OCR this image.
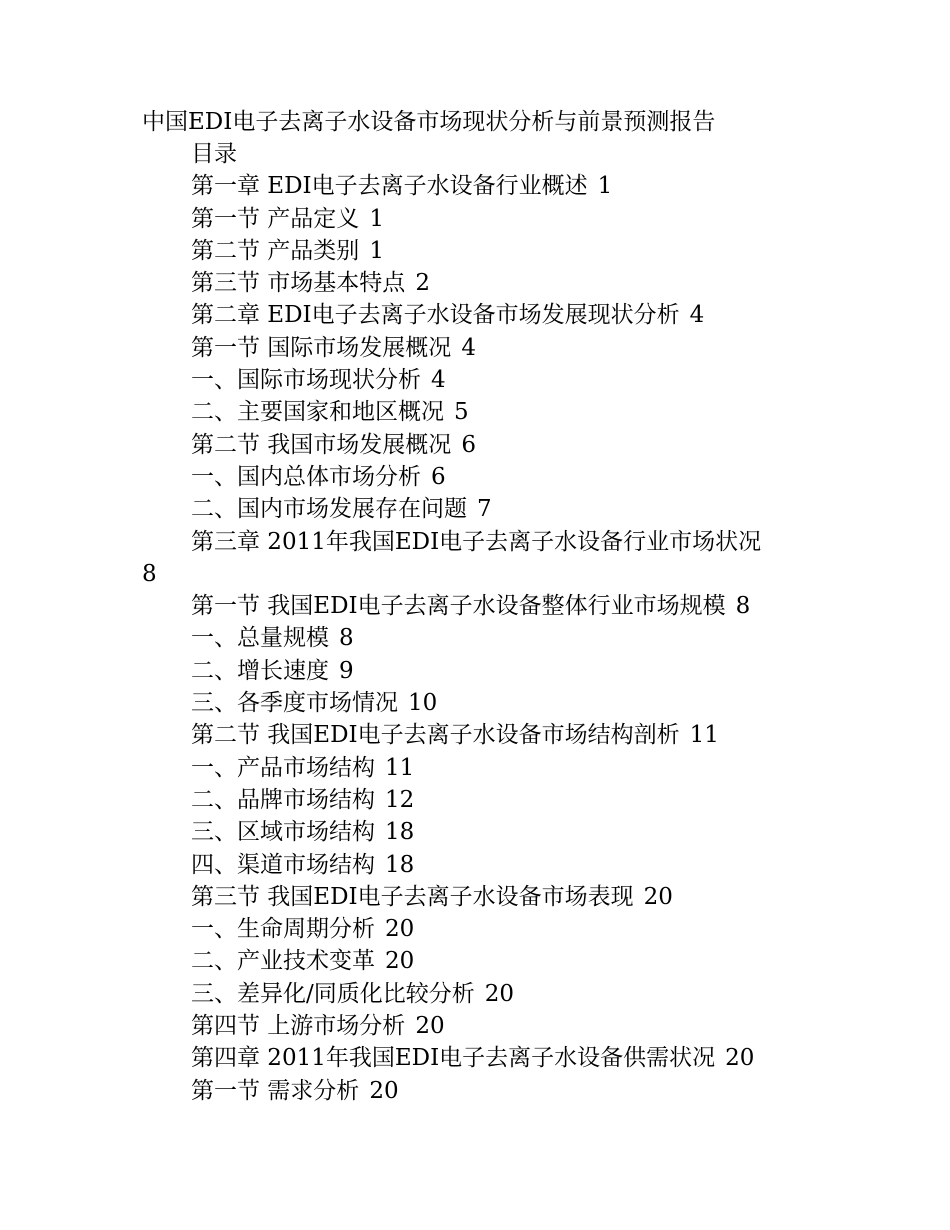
中国EDI电子去离子水设备市场现状分析与前景预测报告
目录
第一章 EDI电子去离子水设备行业概述 1
第一节 产品定义 1
第二节 产品类别 1
第三节 市场基本特点 2
第二章 EDI电子去离子水设备市场发展现状分析 4
第一节 国际市场发展概况 4
一、国际市场现状分析 4
二、主要国家和地区概况 5
第二节 我国市场发展概况 6
一、国内总体市场分析 6
二、国内市场发展存在问题 7
第三章 2011年我国EDI电子去离子水设备行业市场状况
8
第一节 我国EDI电子去离子水设备整体行业市场规模 8
一、总量规模 8
二、增长速度 9
三、各季度市场情况 10
第二节 我国EDI电子去离子水设备市场结构剖析 11
一、产品市场结构 11
二、品牌市场结构 12
三、区域市场结构 18
四、渠道市场结构 18
第三节 我国EDI电子去离子水设备市场表现 20
一、生命周期分析 20
二、产业技术变革 20
三、差异化/同质化比较分析 20
第四节 上游市场分析 20
第四章 2011年我国EDI电子去离子水设备供需状况 20
第一节 需求分析 20
